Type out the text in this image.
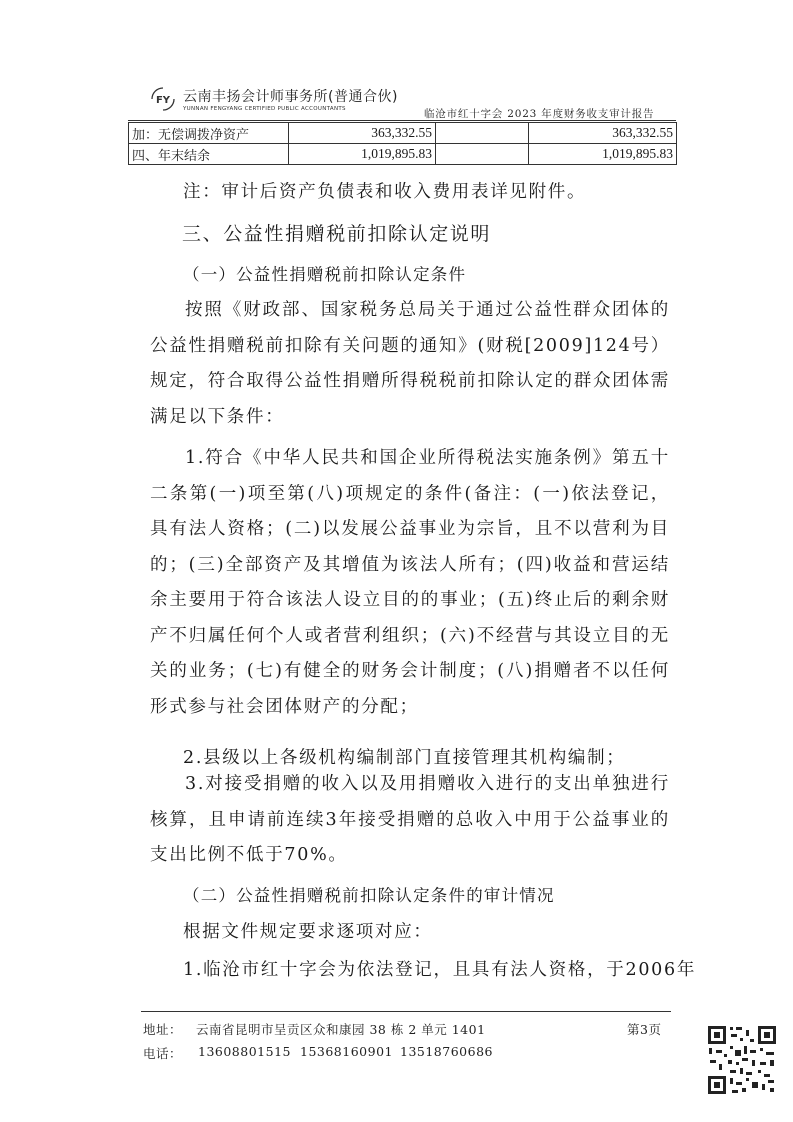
FY 云南丰扬会计师事务所(普通合伙)
YUNNAN FENGYANG CERTIFIED PUBLIC ACCOUNTANTS	临沧市红十字会 2023 年度财务收支审计报告
加：无偿调拨净资产	363,332.55		363,332.55
四、年末结余	1,019,895.83		1,019,895.83
注：审计后资产负债表和收入费用表详见附件。
三、公益性捐赠税前扣除认定说明
（一）公益性捐赠税前扣除认定条件
按照《财政部、国家税务总局关于通过公益性群众团体的公益性捐赠税前扣除有关问题的通知》(财税[2009]124号）规定，符合取得公益性捐赠所得税税前扣除认定的群众团体需满足以下条件：
1.符合《中华人民共和国企业所得税法实施条例》第五十二条第(一)项至第(八)项规定的条件(备注：(一)依法登记，具有法人资格；(二)以发展公益事业为宗旨，且不以营利为目的；(三)全部资产及其增值为该法人所有；(四)收益和营运结余主要用于符合该法人设立目的的事业；(五)终止后的剩余财产不归属任何个人或者营利组织；(六)不经营与其设立目的无关的业务；(七)有健全的财务会计制度；(八)捐赠者不以任何形式参与社会团体财产的分配；
2.县级以上各级机构编制部门直接管理其机构编制；
3.对接受捐赠的收入以及用捐赠收入进行的支出单独进行核算，且申请前连续3年接受捐赠的总收入中用于公益事业的支出比例不低于70%。
（二）公益性捐赠税前扣除认定条件的审计情况
根据文件规定要求逐项对应：
1.临沧市红十字会为依法登记，且具有法人资格，于2006年
地址： 云南省昆明市呈贡区众和康园 38 栋 2 单元 1401	第3页
电话： 13608801515 15368160901 13518760686
